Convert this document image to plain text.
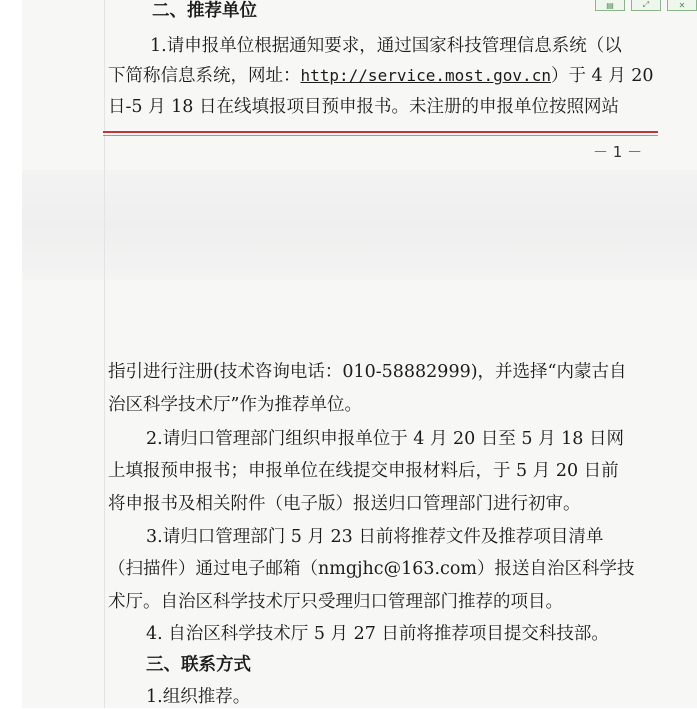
▤	⤢	✕
二、推荐单位
1.请申报单位根据通知要求，通过国家科技管理信息系统（以
下简称信息系统，网址：http://service.most.gov.cn）于 4 月 20
日-5 月 18 日在线填报项目预申报书。未注册的申报单位按照网站
－ 1 －
指引进行注册(技术咨询电话：010-58882999)，并选择“内蒙古自
治区科学技术厅”作为推荐单位。
2.请归口管理部门组织申报单位于 4 月 20 日至 5 月 18 日网
上填报预申报书；申报单位在线提交申报材料后，于 5 月 20 日前
将申报书及相关附件（电子版）报送归口管理部门进行初审。
3.请归口管理部门 5 月 23 日前将推荐文件及推荐项目清单
（扫描件）通过电子邮箱（nmgjhc@163.com）报送自治区科学技
术厅。自治区科学技术厅只受理归口管理部门推荐的项目。
4. 自治区科学技术厅 5 月 27 日前将推荐项目提交科技部。
三、联系方式
1.组织推荐。
